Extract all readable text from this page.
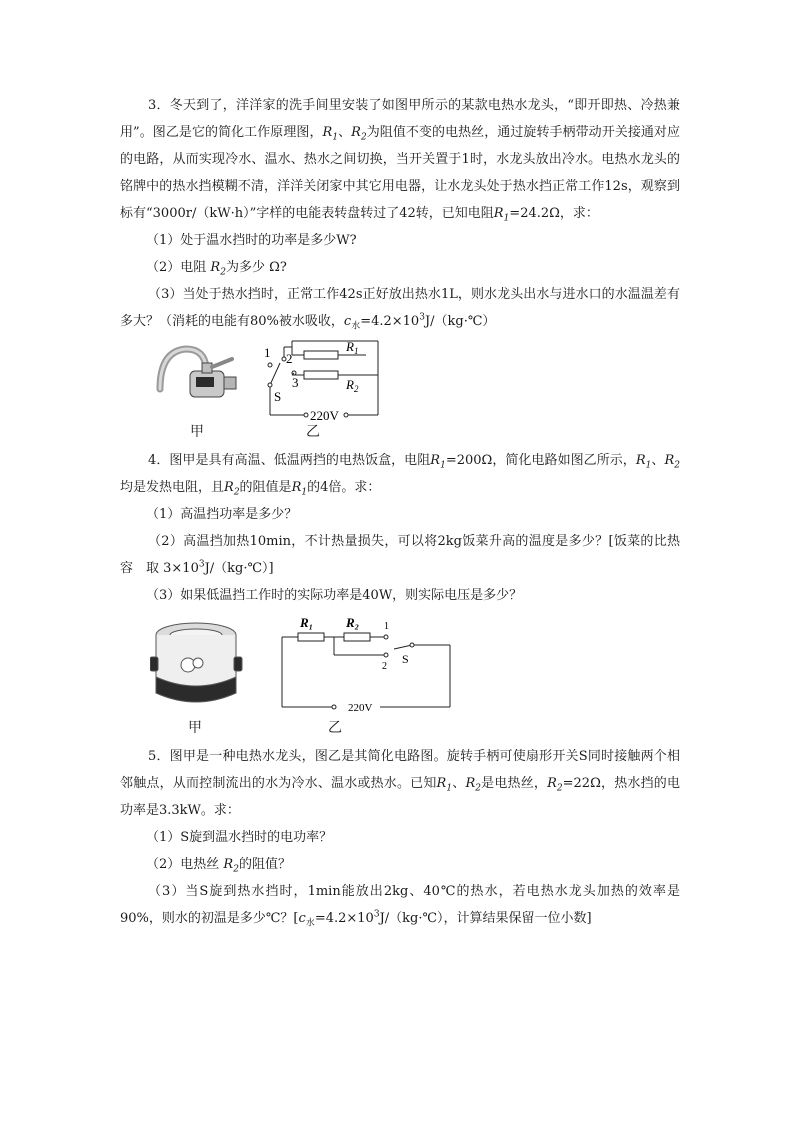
3．冬天到了，洋洋家的洗手间里安装了如图甲所示的某款电热水龙头，“即开即热、冷热兼用”。图乙是它的简化工作原理图，$R_1$、$R_2$为阻值不变的电热丝，通过旋转手柄带动开关接通对应的电路，从而实现冷水、温水、热水之间切换，当开关置于1时，水龙头放出冷水。电热水龙头的铭牌中的热水挡模糊不清，洋洋关闭家中其它用电器，让水龙头处于热水挡正常工作12s，观察到标有“3000r/（kW·h）”字样的电能表转盘转过了42转，已知电阻$R_1=24.2\Omega$，求：

（1）处于温水挡时的功率是多少W?

（2）电阻 $R_2$为多少 Ω?

（3）当处于热水挡时，正常工作42s正好放出热水1L，则水龙头出水与进水口的水温温差有多大？（消耗的电能有80%被水吸收，$c_水=4.2\times 10^3J/(kg\cdot℃)$

1 2
3
S
$R_1$
$R_2$
220V
甲	乙

4．图甲是具有高温、低温两挡的电热饭盒，电阻$R_1=200\Omega$，简化电路如图乙所示，$R_1$、$R_2$均是发热电阻，且$R_2$的阻值是$R_1$的4倍。求：

（1）高温挡功率是多少？

（2）高温挡加热10min，不计热量损失，可以将2kg饭菜升高的温度是多少？[饭菜的比热容　取 $3\times 10^3J/(kg\cdot℃)$]

（3）如果低温挡工作时的实际功率是40W，则实际电压是多少？

R₁	R₂ 1
2
S
220V
甲	乙

5．图甲是一种电热水龙头，图乙是其简化电路图。旋转手柄可使扇形开关S同时接触两个相邻触点，从而控制流出的水为冷水、温水或热水。已知$R_1$、$R_2$是电热丝，$R_2=22\Omega$，热水挡的电功率是3.3kW。求：

（1）S旋到温水挡时的电功率？

（2）电热丝 $R_2$的阻值？

（3）当S旋到热水挡时，1min能放出2kg、40℃的热水，若电热水龙头加热的效率是90%，则水的初温是多少℃？[$c_水=4.2\times 10^3J/(kg\cdot℃)$，计算结果保留一位小数]
